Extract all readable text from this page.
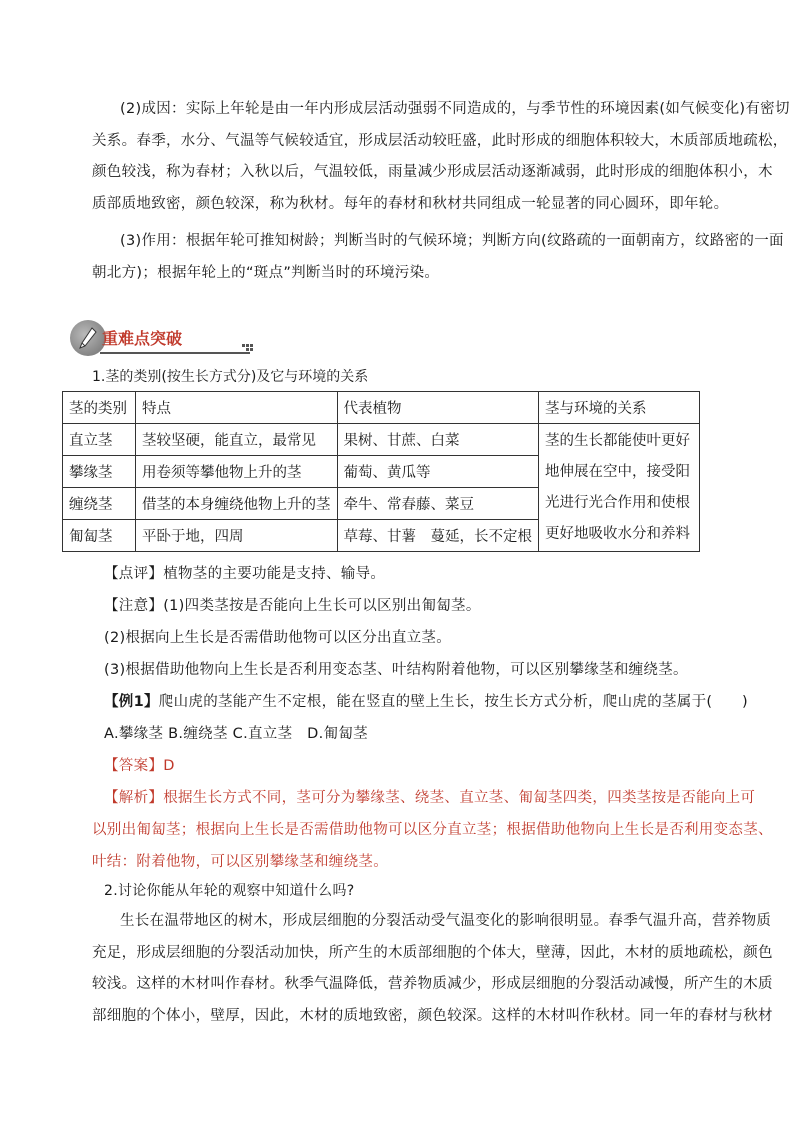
(2)成因：实际上年轮是由一年内形成层活动强弱不同造成的，与季节性的环境因素(如气候变化)有密切
关系。春季，水分、气温等气候较适宜，形成层活动较旺盛，此时形成的细胞体积较大，木质部质地疏松，
颜色较浅，称为春材；入秋以后，气温较低，雨量减少形成层活动逐渐减弱，此时形成的细胞体积小，木
质部质地致密，颜色较深，称为秋材。每年的春材和秋材共同组成一轮显著的同心圆环，即年轮。
(3)作用：根据年轮可推知树龄；判断当时的气候环境；判断方向(纹路疏的一面朝南方，纹路密的一面
朝北方)；根据年轮上的“斑点”判断当时的环境污染。
重难点突破
1.茎的类别(按生长方式分)及它与环境的关系
茎的类别	特点	代表植物	茎与环境的关系
直立茎	茎较坚硬，能直立，最常见	果树、甘蔗、白菜	茎的生长都能使叶更好地伸展在空中，接受阳光进行光合作用和使根更好地吸收水分和养料
攀缘茎	用卷须等攀他物上升的茎	葡萄、黄瓜等	
缠绕茎	借茎的本身缠绕他物上升的茎	牵牛、常春藤、菜豆	
匍匐茎	平卧于地，四周	草莓、甘薯　蔓延，长不定根	
【点评】植物茎的主要功能是支持、输导。
【注意】(1)四类茎按是否能向上生长可以区别出匍匐茎。
(2)根据向上生长是否需借助他物可以区分出直立茎。
(3)根据借助他物向上生长是否利用变态茎、叶结构附着他物，可以区别攀缘茎和缠绕茎。
【例1】爬山虎的茎能产生不定根，能在竖直的壁上生长，按生长方式分析，爬山虎的茎属于(　　)
A.攀缘茎 B.缠绕茎 C.直立茎　D.匍匐茎
【答案】D
【解析】根据生长方式不同，茎可分为攀缘茎、绕茎、直立茎、匍匐茎四类，四类茎按是否能向上可
以别出匍匐茎；根据向上生长是否需借助他物可以区分直立茎；根据借助他物向上生长是否利用变态茎、
叶结：附着他物，可以区别攀缘茎和缠绕茎。
2.讨论你能从年轮的观察中知道什么吗?
生长在温带地区的树木，形成层细胞的分裂活动受气温变化的影响很明显。春季气温升高，营养物质
充足，形成层细胞的分裂活动加快，所产生的木质部细胞的个体大，壁薄，因此，木材的质地疏松，颜色
较浅。这样的木材叫作春材。秋季气温降低，营养物质减少，形成层细胞的分裂活动减慢，所产生的木质
部细胞的个体小，壁厚，因此，木材的质地致密，颜色较深。这样的木材叫作秋材。同一年的春材与秋材
